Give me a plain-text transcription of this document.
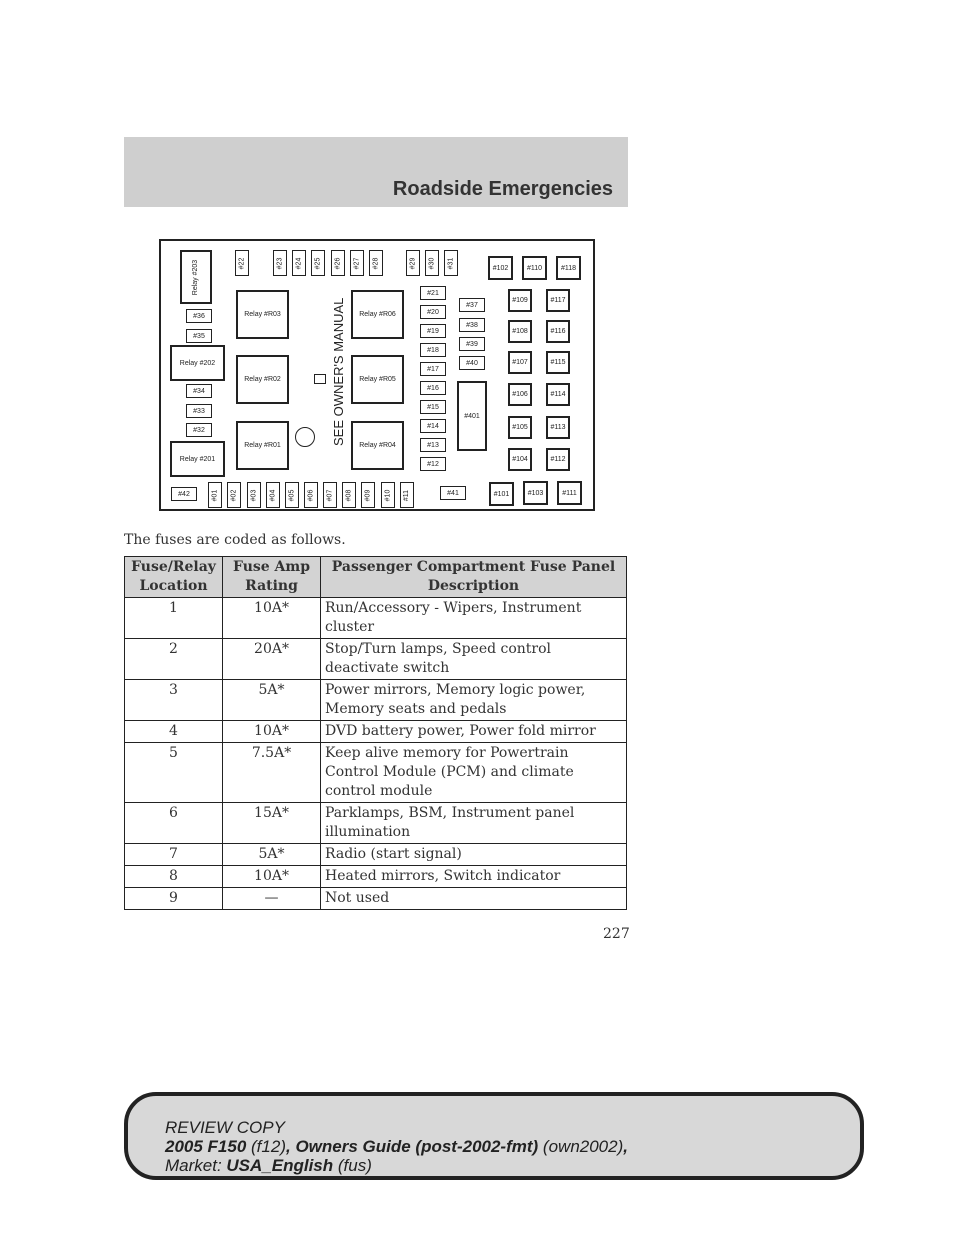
Roadside Emergencies
Relay #203
#36
#35
Relay #202
#34
#33
#32
Relay #201
#42
#22	#23 #24 #25 #26 #27 #28	#29 #30 #31
Relay #R03
Relay #R02
Relay #R01	SEE OWNER'S MANUAL	Relay #R06
Relay #R05
Relay #R04
#21
#20
#19
#18
#17
#16
#15
#14
#13
#12
#37
#38
#39
#40
#401
#102	#110	#118
#109	#117
#108	#116
#107	#115
#106	#114
#105	#113
#104	#112
#01 #02 #03 #04 #05 #06 #07 #08 #09 #10 #11	#41	#101	#103	#111
The fuses are coded as follows.
Fuse/Relay Location	Fuse Amp Rating	Passenger Compartment Fuse Panel Description
1	10A*	Run/Accessory - Wipers, Instrument cluster
2	20A*	Stop/Turn lamps, Speed control deactivate switch
3	5A*	Power mirrors, Memory logic power, Memory seats and pedals
4	10A*	DVD battery power, Power fold mirror
5	7.5A*	Keep alive memory for Powertrain Control Module (PCM) and climate control module
6	15A*	Parklamps, BSM, Instrument panel illumination
7	5A*	Radio (start signal)
8	10A*	Heated mirrors, Switch indicator
9	—	Not used
227
REVIEW COPY
2005 F150 (f12), Owners Guide (post-2002-fmt) (own2002),
Market: USA_English (fus)
